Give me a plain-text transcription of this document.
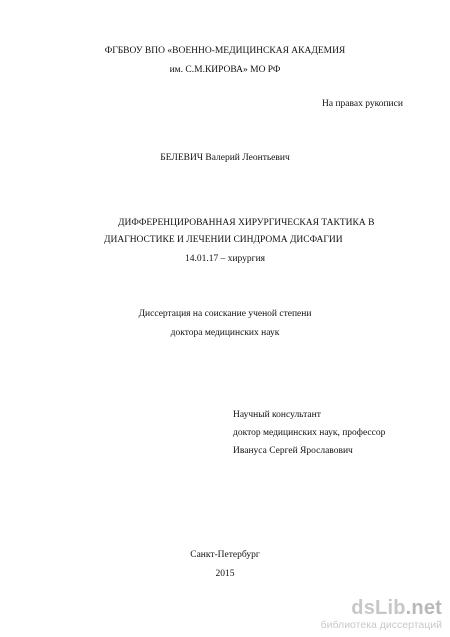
ФГБВОУ ВПО «ВОЕННО-МЕДИЦИНСКАЯ АКАДЕМИЯ
им. С.М.КИРОВА» МО РФ
На правах рукописи
БЕЛЕВИЧ Валерий Леонтьевич
ДИФФЕРЕНЦИРОВАННАЯ ХИРУРГИЧЕСКАЯ ТАКТИКА В
ДИАГНОСТИКЕ И ЛЕЧЕНИИ СИНДРОМА ДИСФАГИИ
14.01.17 – хирургия
Диссертация на соискание ученой степени
доктора медицинских наук
Научный консультант
доктор медицинских наук, профессор
Ивануса Сергей Ярославович
Санкт-Петербург
2015
dsLib.net
библиотека диссертаций
